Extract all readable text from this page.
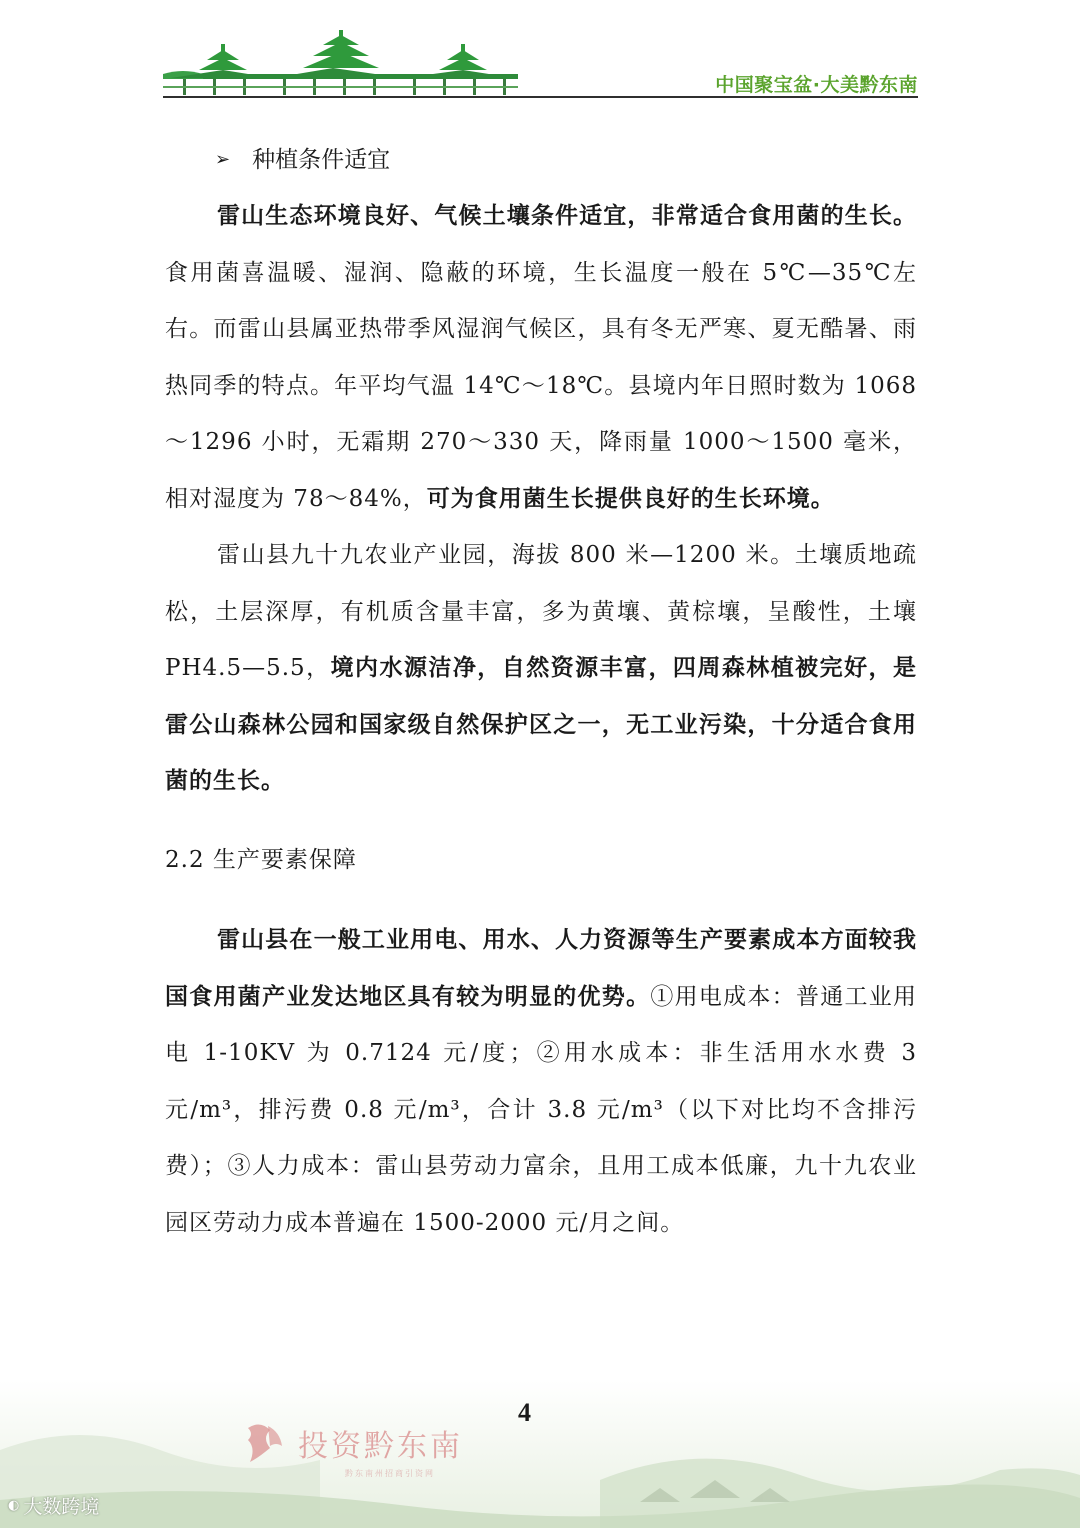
中国聚宝盆·大美黔东南
➢ 种植条件适宜
雷山生态环境良好、气候土壤条件适宜，非常适合食用菌的生长。食用菌喜温暖、湿润、隐蔽的环境，生长温度一般在 5℃—35℃左右。而雷山县属亚热带季风湿润气候区，具有冬无严寒、夏无酷暑、雨热同季的特点。年平均气温 14℃～18℃。县境内年日照时数为 1068～1296 小时，无霜期 270～330 天，降雨量 1000～1500 毫米，相对湿度为 78～84%，可为食用菌生长提供良好的生长环境。
雷山县九十九农业产业园，海拔 800 米—1200 米。土壤质地疏松，土层深厚，有机质含量丰富，多为黄壤、黄棕壤，呈酸性，土壤 PH4.5—5.5，境内水源洁净，自然资源丰富，四周森林植被完好，是雷公山森林公园和国家级自然保护区之一，无工业污染，十分适合食用菌的生长。
2.2 生产要素保障
雷山县在一般工业用电、用水、人力资源等生产要素成本方面较我国食用菌产业发达地区具有较为明显的优势。①用电成本：普通工业用电 1-10KV 为 0.7124 元/度；②用水成本：非生活用水水费 3 元/m³，排污费 0.8 元/m³，合计 3.8 元/m³（以下对比均不含排污费）；③人力成本：雷山县劳动力富余，且用工成本低廉，九十九农业园区劳动力成本普遍在 1500-2000 元/月之间。
4
投资黔东南
黔东南州招商引资网
◐ 大数跨境
